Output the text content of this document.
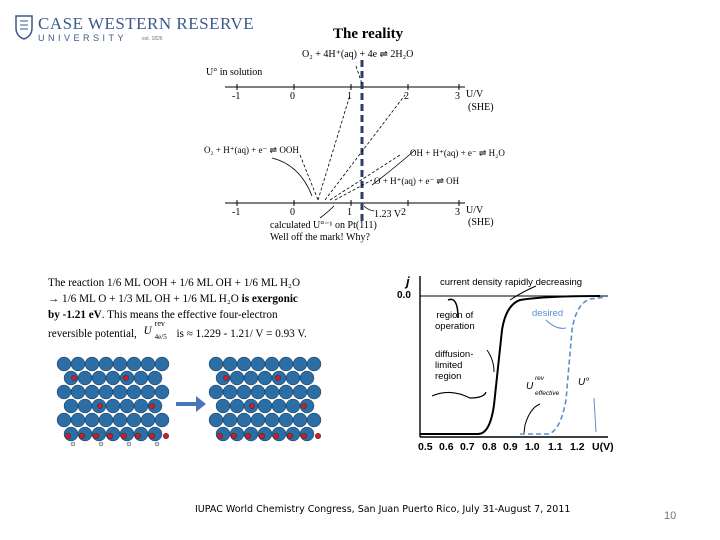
CASE WESTERN RESERVE
UNIVERSITY	est. 1826	The reality
O₂ + 4H⁺(aq) + 4e ⇌ 2H₂O
U° in solution
-1	0	1	2	3 U/V
(SHE)
O₂ + H⁺(aq) + e⁻ ⇌ OOH	OH + H⁺(aq) + e⁻ ⇌ H₂O
O + H⁺(aq) + e⁻ ⇌ OH
-1	0	1	2	3 U/V
(SHE)
1.23 V
calculated U°⁻¹ on Pt(111)
Well off the mark! Why?
The reaction 1/6 ML OOH + 1/6 ML OH + 1/6 ML H₂O
→ 1/6 ML O + 1/3 ML OH + 1/6 ML H₂O is exergonic
by -1.21 eV. This means the effective four-electron
reversible potential, U
rev
4e/5 is ≈ 1.229 - 1.21/ V = 0.93 V.
j
0.0
current density rapidly decreasing
region of
operation
desired
diffusion-
limited
region
U
rev
effective
U°
0.5 0.6 0.7 0.8 0.9 1.0 1.1 1.2 U(V)
IUPAC World Chemistry Congress, San Juan Puerto Rico, July 31-August 7, 2011
10
